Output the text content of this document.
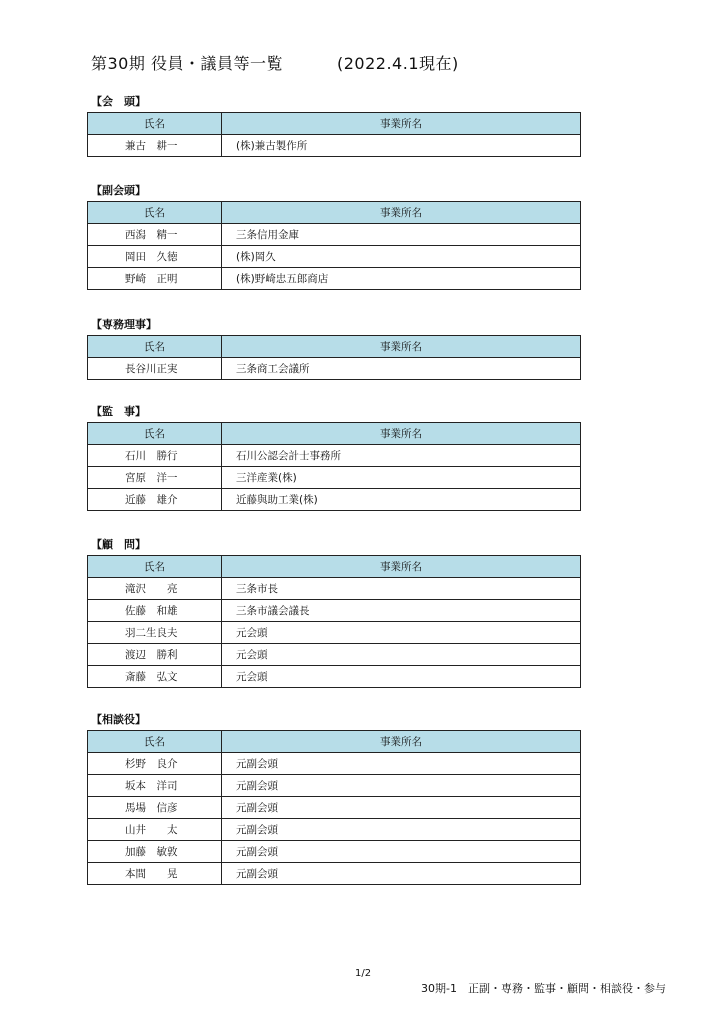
第30期 役員・議員等一覧	(2022.4.1現在)
【会　頭】
氏名	事業所名
兼古　耕一	(株)兼古製作所
【副会頭】
氏名	事業所名
西潟　精一	三条信用金庫
岡田　久徳	(株)岡久
野崎　正明	(株)野崎忠五郎商店
【専務理事】
氏名	事業所名
長谷川正実	三条商工会議所
【監　事】
氏名	事業所名
石川　勝行	石川公認会計士事務所
宮原　洋一	三洋産業(株)
近藤　雄介	近藤與助工業(株)
【顧　問】
氏名	事業所名
滝沢　　亮	三条市長
佐藤　和雄	三条市議会議長
羽二生良夫	元会頭
渡辺　勝利	元会頭
斎藤　弘文	元会頭
【相談役】
氏名	事業所名
杉野　良介	元副会頭
坂本　洋司	元副会頭
馬場　信彦	元副会頭
山井　　太	元副会頭
加藤　敏敦	元副会頭
本間　　晃	元副会頭
1/2
30期-1　正副・専務・監事・顧問・相談役・参与
